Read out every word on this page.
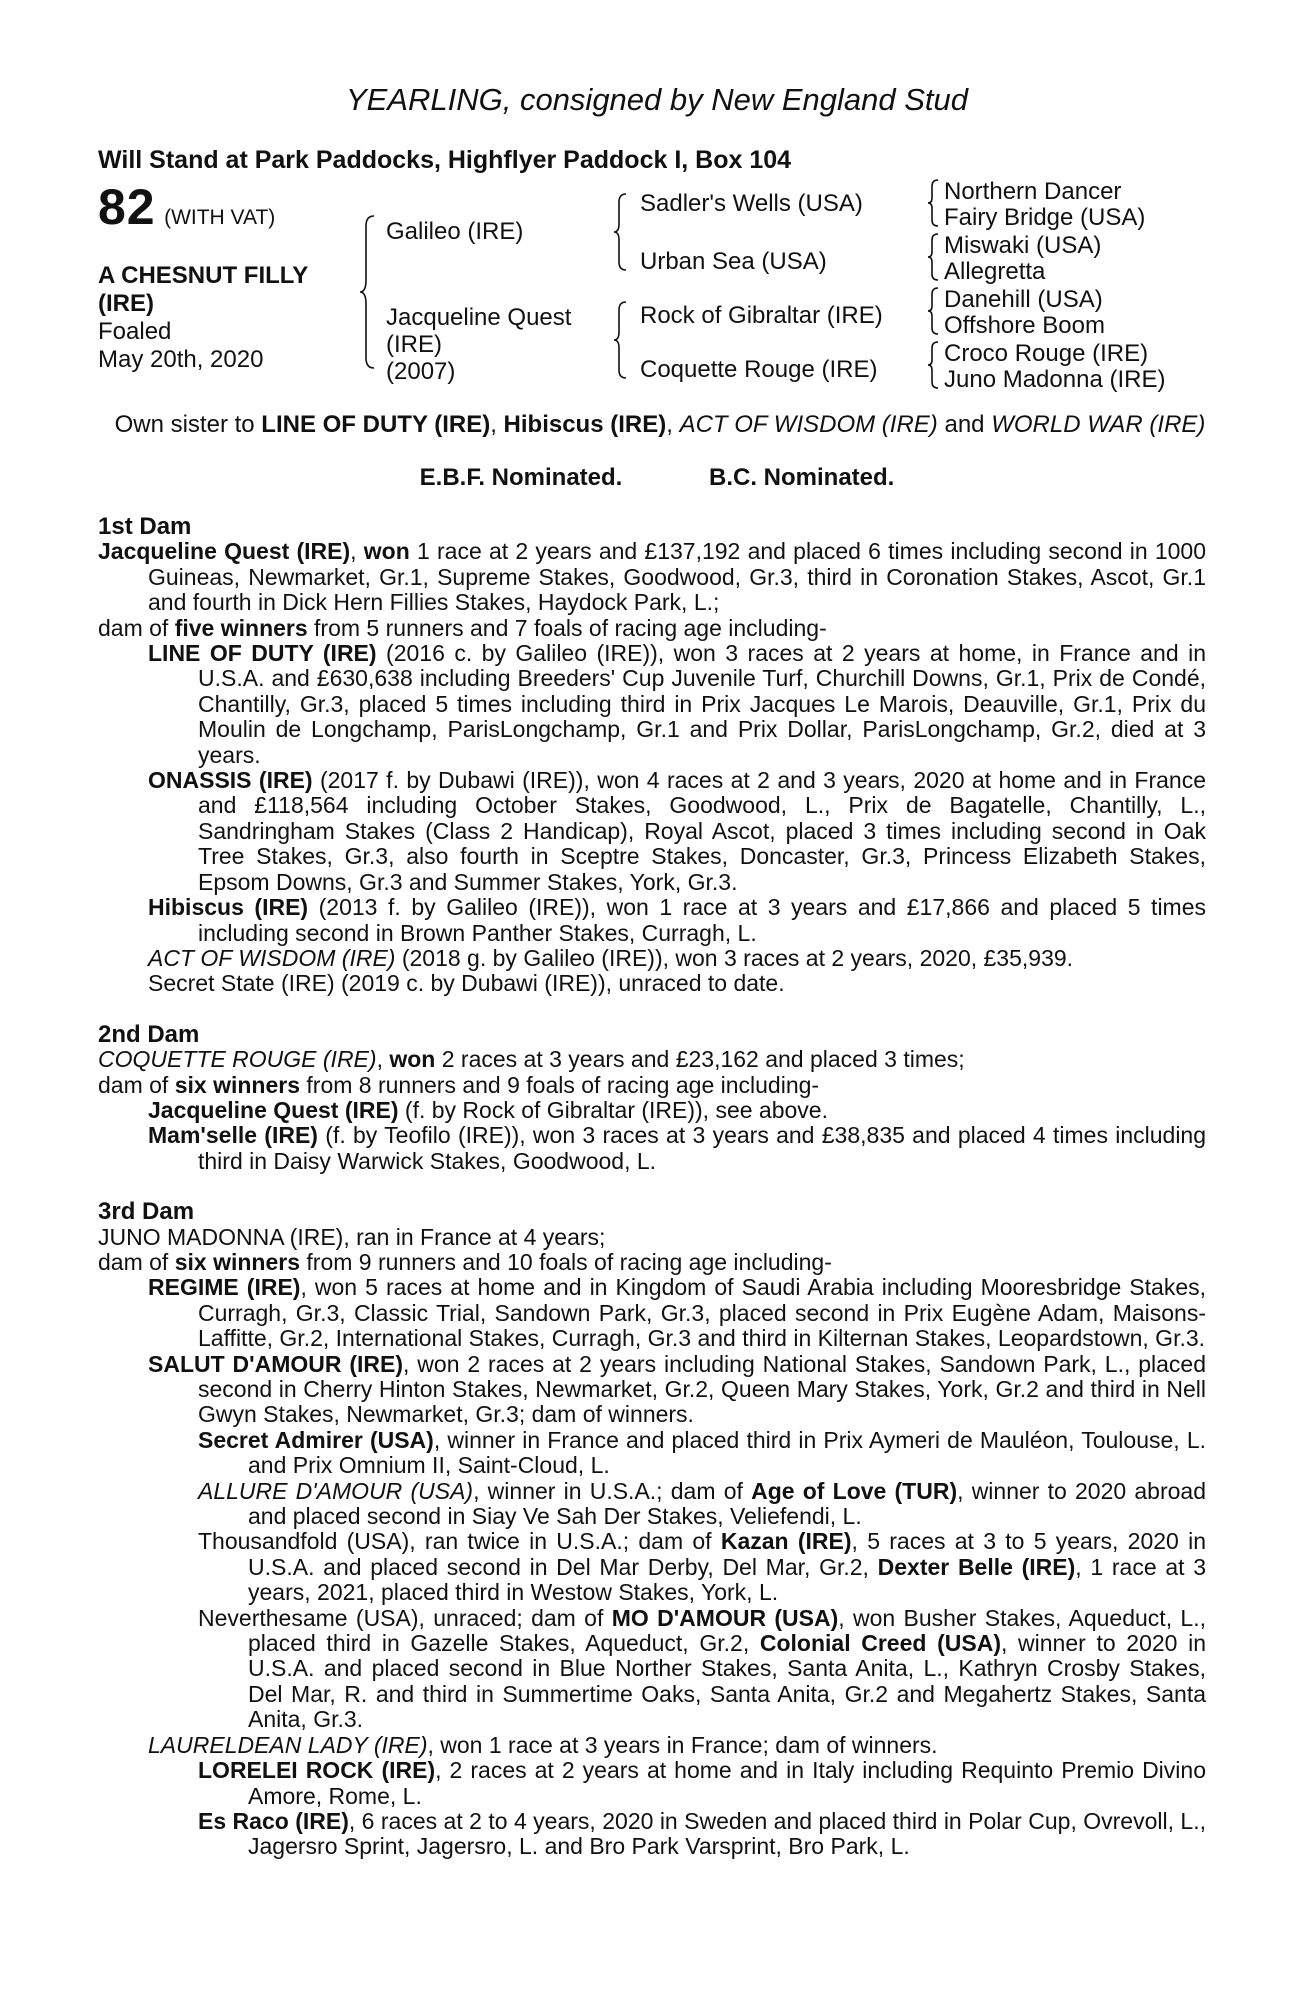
YEARLING, consigned by New England Stud
Will Stand at Park Paddocks, Highflyer Paddock I, Box 104
82 (WITH VAT)
A CHESNUT FILLY
(IRE)
Foaled
May 20th, 2020
Galileo (IRE)
Jacqueline Quest
(IRE)
(2007)
Sadler's Wells (USA)
Urban Sea (USA)
Rock of Gibraltar (IRE)
Coquette Rouge (IRE)
Northern Dancer
Fairy Bridge (USA)
Miswaki (USA)
Allegretta
Danehill (USA)
Offshore Boom
Croco Rouge (IRE)
Juno Madonna (IRE)
Own sister to LINE OF DUTY (IRE), Hibiscus (IRE), ACT OF WISDOM (IRE) and WORLD WAR (IRE)
E.B.F. Nominated.	B.C. Nominated.
1st Dam
Jacqueline Quest (IRE), won 1 race at 2 years and £137,192 and placed 6 times including second in 1000 Guineas, Newmarket, Gr.1, Supreme Stakes, Goodwood, Gr.3, third in Coronation Stakes, Ascot, Gr.1 and fourth in Dick Hern Fillies Stakes, Haydock Park, L.;
dam of five winners from 5 runners and 7 foals of racing age including-
LINE OF DUTY (IRE) (2016 c. by Galileo (IRE)), won 3 races at 2 years at home, in France and in U.S.A. and £630,638 including Breeders' Cup Juvenile Turf, Churchill Downs, Gr.1, Prix de Condé, Chantilly, Gr.3, placed 5 times including third in Prix Jacques Le Marois, Deauville, Gr.1, Prix du Moulin de Longchamp, ParisLongchamp, Gr.1 and Prix Dollar, ParisLongchamp, Gr.2, died at 3 years.
ONASSIS (IRE) (2017 f. by Dubawi (IRE)), won 4 races at 2 and 3 years, 2020 at home and in France and £118,564 including October Stakes, Goodwood, L., Prix de Bagatelle, Chantilly, L., Sandringham Stakes (Class 2 Handicap), Royal Ascot, placed 3 times including second in Oak Tree Stakes, Gr.3, also fourth in Sceptre Stakes, Doncaster, Gr.3, Princess Elizabeth Stakes, Epsom Downs, Gr.3 and Summer Stakes, York, Gr.3.
Hibiscus (IRE) (2013 f. by Galileo (IRE)), won 1 race at 3 years and £17,866 and placed 5 times including second in Brown Panther Stakes, Curragh, L.
ACT OF WISDOM (IRE) (2018 g. by Galileo (IRE)), won 3 races at 2 years, 2020, £35,939.
Secret State (IRE) (2019 c. by Dubawi (IRE)), unraced to date.
2nd Dam
COQUETTE ROUGE (IRE), won 2 races at 3 years and £23,162 and placed 3 times;
dam of six winners from 8 runners and 9 foals of racing age including-
Jacqueline Quest (IRE) (f. by Rock of Gibraltar (IRE)), see above.
Mam'selle (IRE) (f. by Teofilo (IRE)), won 3 races at 3 years and £38,835 and placed 4 times including third in Daisy Warwick Stakes, Goodwood, L.
3rd Dam
JUNO MADONNA (IRE), ran in France at 4 years;
dam of six winners from 9 runners and 10 foals of racing age including-
REGIME (IRE), won 5 races at home and in Kingdom of Saudi Arabia including Mooresbridge Stakes, Curragh, Gr.3, Classic Trial, Sandown Park, Gr.3, placed second in Prix Eugène Adam, Maisons-Laffitte, Gr.2, International Stakes, Curragh, Gr.3 and third in Kilternan Stakes, Leopardstown, Gr.3.
SALUT D'AMOUR (IRE), won 2 races at 2 years including National Stakes, Sandown Park, L., placed second in Cherry Hinton Stakes, Newmarket, Gr.2, Queen Mary Stakes, York, Gr.2 and third in Nell Gwyn Stakes, Newmarket, Gr.3; dam of winners.
Secret Admirer (USA), winner in France and placed third in Prix Aymeri de Mauléon, Toulouse, L. and Prix Omnium II, Saint-Cloud, L.
ALLURE D'AMOUR (USA), winner in U.S.A.; dam of Age of Love (TUR), winner to 2020 abroad and placed second in Siay Ve Sah Der Stakes, Veliefendi, L.
Thousandfold (USA), ran twice in U.S.A.; dam of Kazan (IRE), 5 races at 3 to 5 years, 2020 in U.S.A. and placed second in Del Mar Derby, Del Mar, Gr.2, Dexter Belle (IRE), 1 race at 3 years, 2021, placed third in Westow Stakes, York, L.
Neverthesame (USA), unraced; dam of MO D'AMOUR (USA), won Busher Stakes, Aqueduct, L., placed third in Gazelle Stakes, Aqueduct, Gr.2, Colonial Creed (USA), winner to 2020 in U.S.A. and placed second in Blue Norther Stakes, Santa Anita, L., Kathryn Crosby Stakes, Del Mar, R. and third in Summertime Oaks, Santa Anita, Gr.2 and Megahertz Stakes, Santa Anita, Gr.3.
LAURELDEAN LADY (IRE), won 1 race at 3 years in France; dam of winners.
LORELEI ROCK (IRE), 2 races at 2 years at home and in Italy including Requinto Premio Divino Amore, Rome, L.
Es Raco (IRE), 6 races at 2 to 4 years, 2020 in Sweden and placed third in Polar Cup, Ovrevoll, L., Jagersro Sprint, Jagersro, L. and Bro Park Varsprint, Bro Park, L.
